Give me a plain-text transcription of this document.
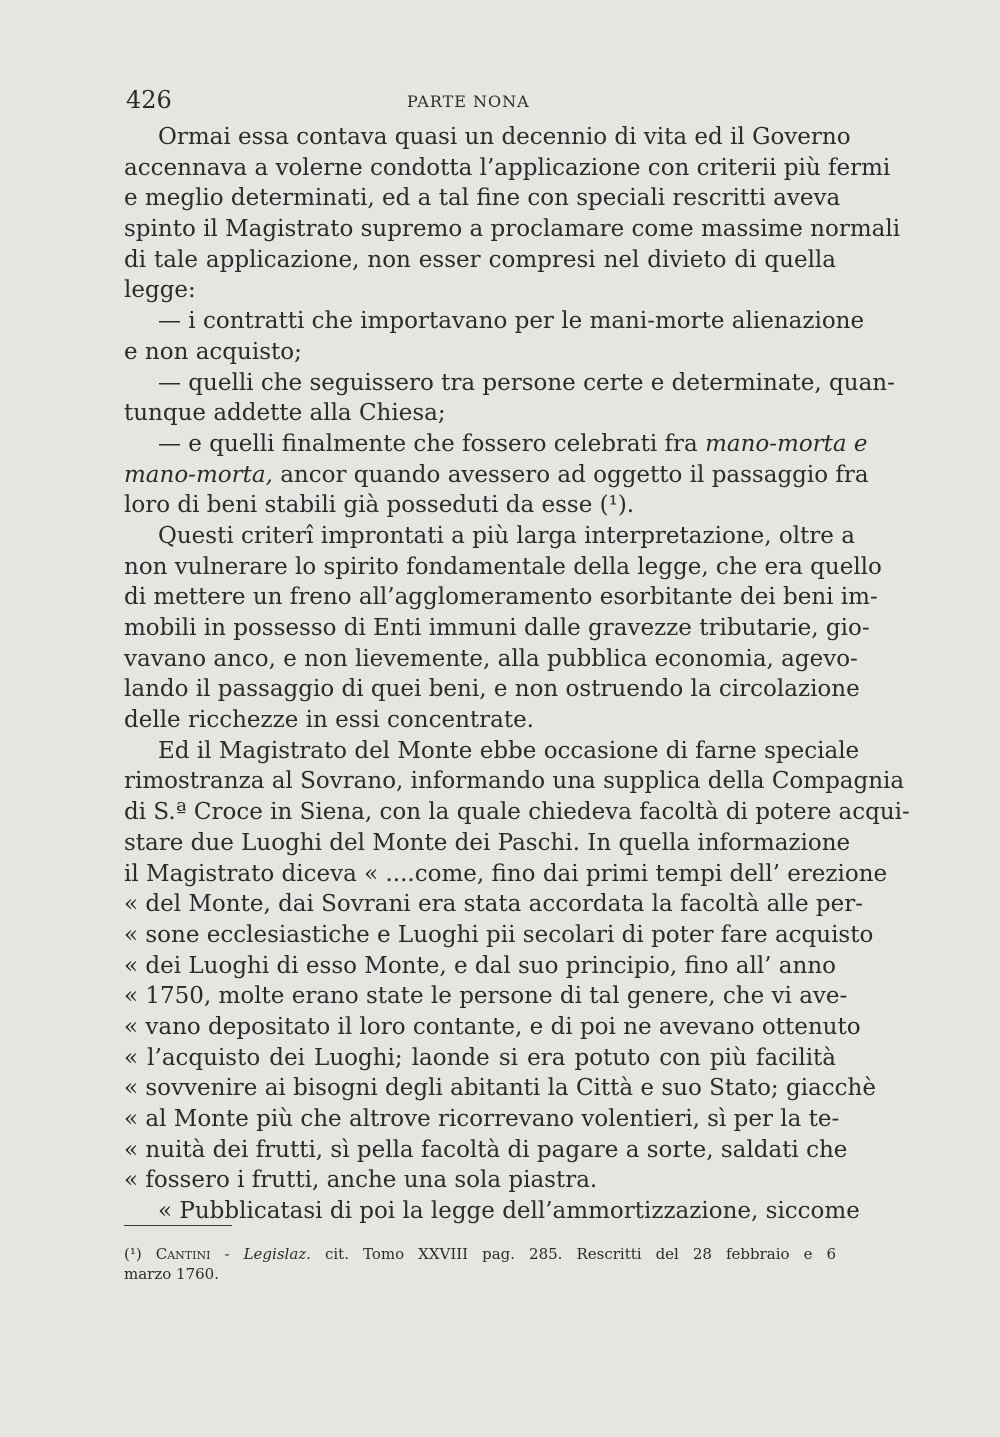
426	PARTE NONA
Ormai essa contava quasi un decennio di vita ed il Governo
accennava a volerne condotta l’applicazione con criterii più fermi
e meglio determinati, ed a tal fine con speciali rescritti aveva
spinto il Magistrato supremo a proclamare come massime normali
di tale applicazione, non esser compresi nel divieto di quella
legge:
— i contratti che importavano per le mani-morte alienazione
e non acquisto;
— quelli che seguissero tra persone certe e determinate, quan-
tunque addette alla Chiesa;
— e quelli finalmente che fossero celebrati fra mano-morta e
mano-morta, ancor quando avessero ad oggetto il passaggio fra
loro di beni stabili già posseduti da esse (¹).
Questi criterî improntati a più larga interpretazione, oltre a
non vulnerare lo spirito fondamentale della legge, che era quello
di mettere un freno all’agglomeramento esorbitante dei beni im-
mobili in possesso di Enti immuni dalle gravezze tributarie, gio-
vavano anco, e non lievemente, alla pubblica economia, agevo-
lando il passaggio di quei beni, e non ostruendo la circolazione
delle ricchezze in essi concentrate.
Ed il Magistrato del Monte ebbe occasione di farne speciale
rimostranza al Sovrano, informando una supplica della Compagnia
di S.ª Croce in Siena, con la quale chiedeva facoltà di potere acqui-
stare due Luoghi del Monte dei Paschi. In quella informazione
il Magistrato diceva « ....come, fino dai primi tempi dell’ erezione
« del Monte, dai Sovrani era stata accordata la facoltà alle per-
« sone ecclesiastiche e Luoghi pii secolari di poter fare acquisto
« dei Luoghi di esso Monte, e dal suo principio, fino all’ anno
« 1750, molte erano state le persone di tal genere, che vi ave-
« vano depositato il loro contante, e di poi ne avevano ottenuto
« l’acquisto dei Luoghi; laonde si era potuto con più facilità
« sovvenire ai bisogni degli abitanti la Città e suo Stato; giacchè
« al Monte più che altrove ricorrevano volentieri, sì per la te-
« nuità dei frutti, sì pella facoltà di pagare a sorte, saldati che
« fossero i frutti, anche una sola piastra.
« Pubblicatasi di poi la legge dell’ammortizzazione, siccome
(¹) Cantini - Legislaz. cit. Tomo XXVIII pag. 285. Rescritti del 28 febbraio e 6
marzo 1760.
